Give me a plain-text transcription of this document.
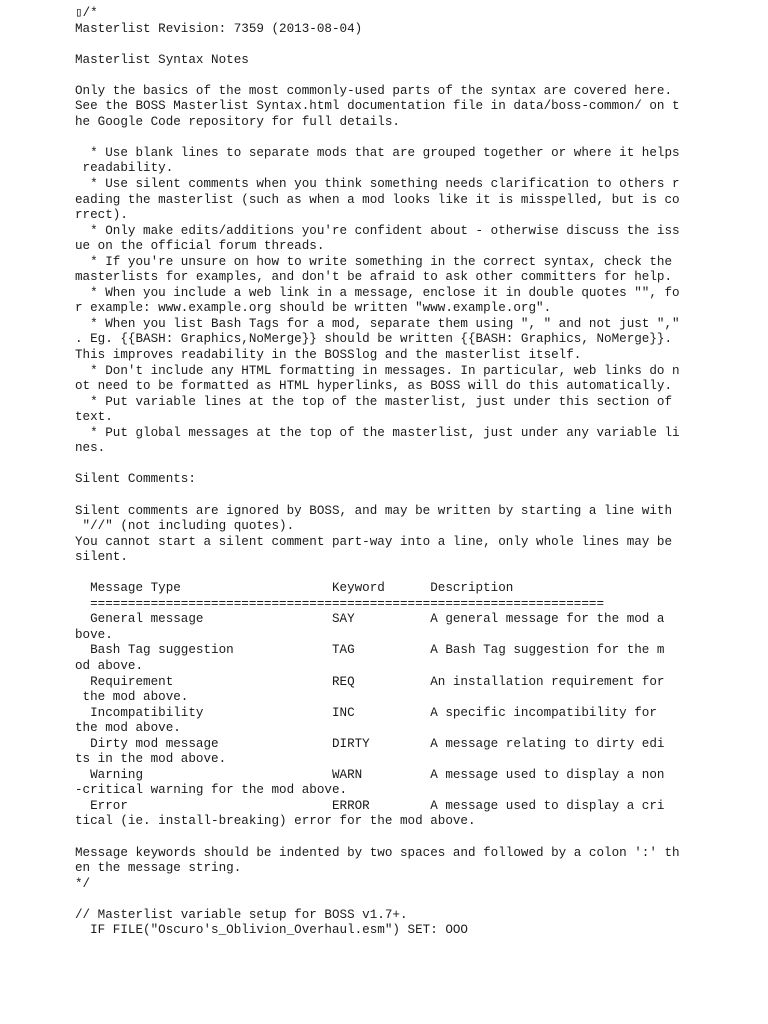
▯/*
Masterlist Revision: 7359 (2013-08-04)
Masterlist Syntax Notes
Only the basics of the most commonly-used parts of the syntax are covered here.
See the BOSS Masterlist Syntax.html documentation file in data/boss-common/ on t
he Google Code repository for full details.
* Use blank lines to separate mods that are grouped together or where it helps
readability.
* Use silent comments when you think something needs clarification to others r
eading the masterlist (such as when a mod looks like it is misspelled, but is co
rrect).
* Only make edits/additions you're confident about - otherwise discuss the iss
ue on the official forum threads.
* If you're unsure on how to write something in the correct syntax, check the
masterlists for examples, and don't be afraid to ask other committers for help.
* When you include a web link in a message, enclose it in double quotes "", fo
r example: www.example.org should be written "www.example.org".
* When you list Bash Tags for a mod, separate them using ", " and not just ","
. Eg. {{BASH: Graphics,NoMerge}} should be written {{BASH: Graphics, NoMerge}}.
This improves readability in the BOSSlog and the masterlist itself.
* Don't include any HTML formatting in messages. In particular, web links do n
ot need to be formatted as HTML hyperlinks, as BOSS will do this automatically.
* Put variable lines at the top of the masterlist, just under this section of
text.
* Put global messages at the top of the masterlist, just under any variable li
nes.
Silent Comments:
Silent comments are ignored by BOSS, and may be written by starting a line with
"//" (not including quotes).
You cannot start a silent comment part-way into a line, only whole lines may be
silent.
Message Type                    Keyword      Description
====================================================================
General message                 SAY          A general message for the mod a
bove.
Bash Tag suggestion             TAG          A Bash Tag suggestion for the m
od above.
Requirement                     REQ          An installation requirement for
the mod above.
Incompatibility                 INC          A specific incompatibility for
the mod above.
Dirty mod message               DIRTY        A message relating to dirty edi
ts in the mod above.
Warning                         WARN         A message used to display a non
-critical warning for the mod above.
Error                           ERROR        A message used to display a cri
tical (ie. install-breaking) error for the mod above.
Message keywords should be indented by two spaces and followed by a colon ':' th
en the message string.
*/
// Masterlist variable setup for BOSS v1.7+.
IF FILE("Oscuro's_Oblivion_Overhaul.esm") SET: OOO
